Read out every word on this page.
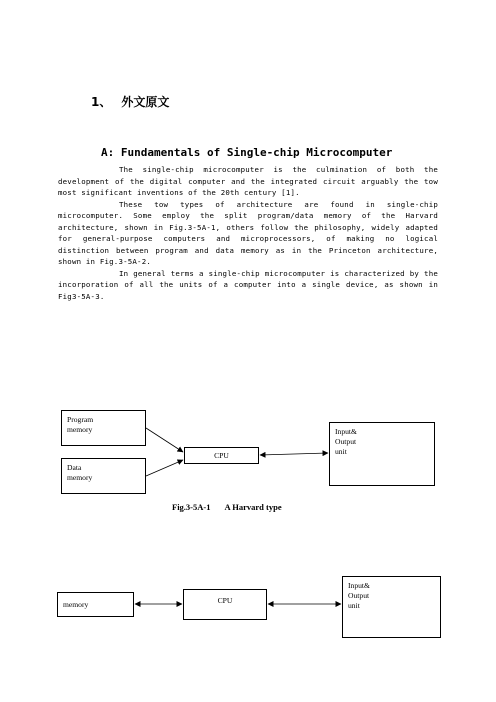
1、 外文原文
A: Fundamentals of Single-chip Microcomputer

The single-chip microcomputer is the culmination of both the development of the digital computer and the integrated circuit arguably the tow most significant inventions of the 20th century [1].

These tow types of architecture are found in single-chip microcomputer. Some employ the split program/data memory of the Harvard architecture, shown in Fig.3-5A-1, others follow the philosophy, widely adapted for general-purpose computers and microprocessors, of making no logical distinction between program and data memory as in the Princeton architecture, shown in Fig.3-5A-2.

In general terms a single-chip microcomputer is characterized by the incorporation of all the units of a computer into a single device, as shown in Fig3-5A-3.

Program
memory
Data
memory
CPU
Input&
Output
unit
Fig.3-5A-1 A Harvard type
memory	CPU
Input&
Output
unit
